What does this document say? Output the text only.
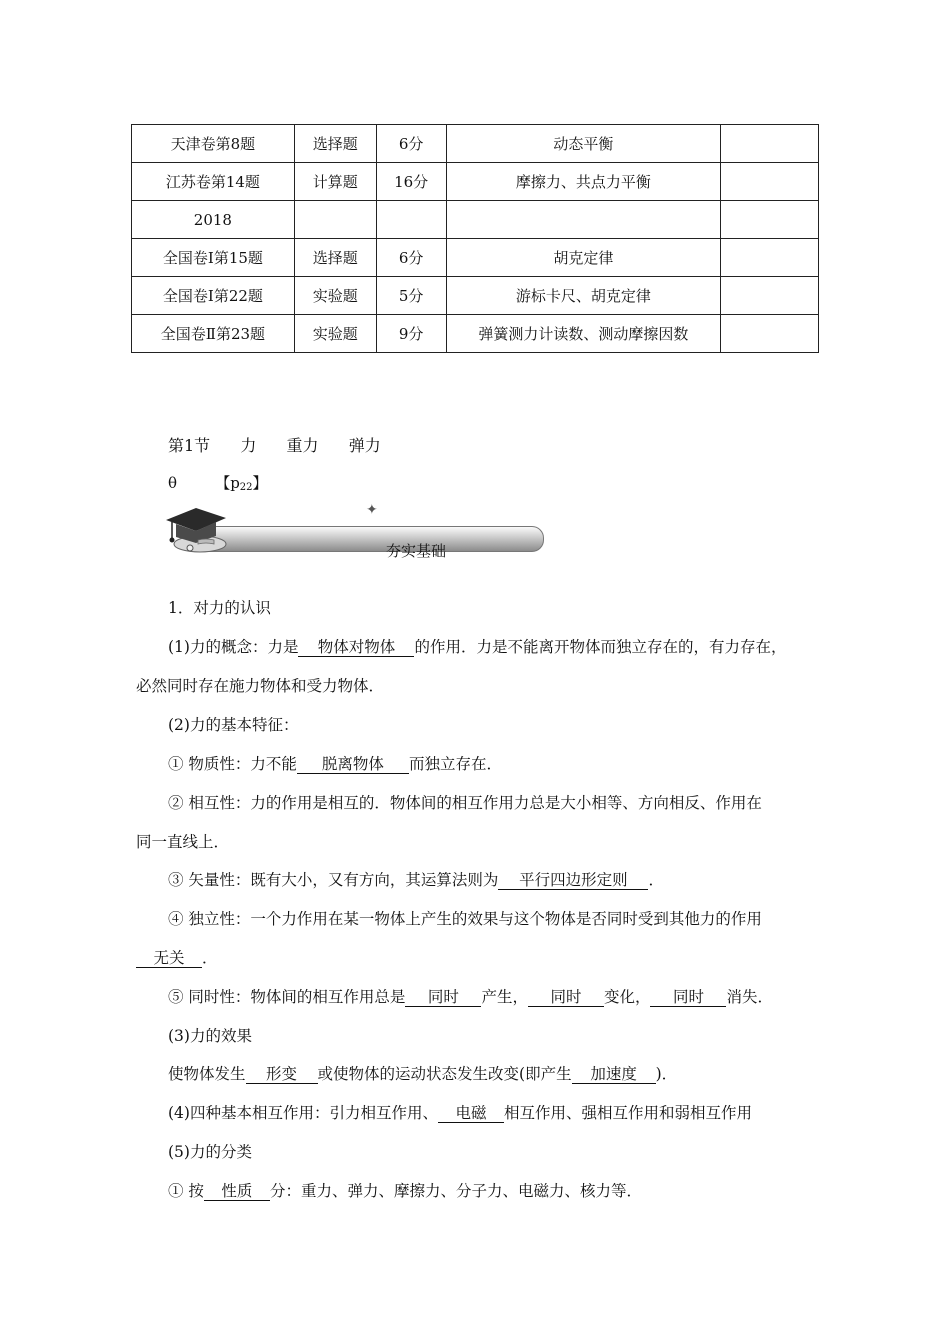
天津卷第8题	选择题	6分	动态平衡	
江苏卷第14题	计算题	16分	摩擦力、共点力平衡	
2018				
全国卷Ⅰ第15题	选择题	6分	胡克定律	
全国卷Ⅰ第22题	实验题	5分	游标卡尺、胡克定律	
全国卷Ⅱ第23题	实验题	9分	弹簧测力计读数、测动摩擦因数	
第1节  力  重力  弹力
θ	【$p_{22}$】
✦
夯实基础
1．对力的认识
(1)力的概念：力是 物体对物体 的作用．力是不能离开物体而独立存在的，有力存在，
必然同时存在施力物体和受力物体．
(2)力的基本特征：
① 物质性：力不能 脱离物体 而独立存在．
② 相互性：力的作用是相互的．物体间的相互作用力总是大小相等、方向相反、作用在
同一直线上．
③ 矢量性：既有大小，又有方向，其运算法则为 平行四边形定则 ．
④ 独立性：一个力作用在某一物体上产生的效果与这个物体是否同时受到其他力的作用
无关 ．
⑤ 同时性：物体间的相互作用总是 同时 产生， 同时 变化， 同时 消失．
(3)力的效果
使物体发生 形变 或使物体的运动状态发生改变(即产生 加速度 )．
(4)四种基本相互作用：引力相互作用、 电磁 相互作用、强相互作用和弱相互作用
(5)力的分类
① 按 性质 分：重力、弹力、摩擦力、分子力、电磁力、核力等．
